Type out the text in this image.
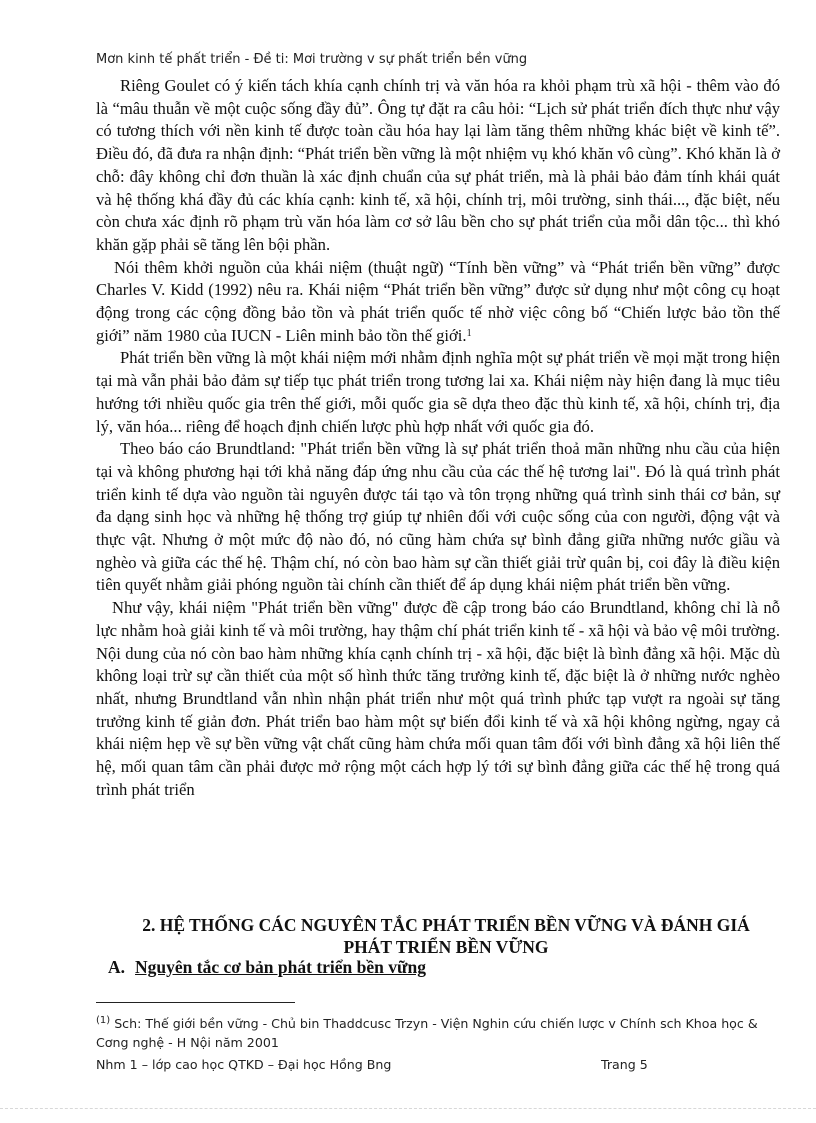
Mơn kinh tế phất triển - Đề ti: Mơi trường v sự phất triển bền vững

Riêng Goulet có ý kiến tách khía cạnh chính trị và văn hóa ra khỏi phạm trù xã hội - thêm vào đó là “mâu thuẫn về một cuộc sống đầy đủ”. Ông tự đặt ra câu hỏi: “Lịch sử phát triển đích thực như vậy có tương thích với nền kinh tế được toàn cầu hóa hay lại làm tăng thêm những khác biệt về kinh tế”. Điều đó, đã đưa ra nhận định: “Phát triển bền vững là một nhiệm vụ khó khăn vô cùng”. Khó khăn là ở chỗ: đây không chỉ đơn thuần là xác định chuẩn của sự phát triển, mà là phải bảo đảm tính khái quát và hệ thống khá đầy đủ các khía cạnh: kinh tế, xã hội, chính trị, môi trường, sinh thái..., đặc biệt, nếu còn chưa xác định rõ phạm trù văn hóa làm cơ sở lâu bền cho sự phát triển của mỗi dân tộc... thì khó khăn gặp phải sẽ tăng lên bội phần.

Nói thêm khởi nguồn của khái niệm (thuật ngữ) “Tính bền vững” và “Phát triển bền vững” được Charles V. Kidd (1992) nêu ra. Khái niệm “Phát triển bền vững” được sử dụng như một công cụ hoạt động trong các cộng đồng bảo tồn và phát triển quốc tế nhờ việc công bố “Chiến lược bảo tồn thế giới” năm 1980 của IUCN - Liên minh bảo tồn thế giới.$^1$

Phát triển bền vững là một khái niệm mới nhằm định nghĩa một sự phát triển về mọi mặt trong hiện tại mà vẫn phải bảo đảm sự tiếp tục phát triển trong tương lai xa. Khái niệm này hiện đang là mục tiêu hướng tới nhiều quốc gia trên thế giới, mỗi quốc gia sẽ dựa theo đặc thù kinh tế, xã hội, chính trị, địa lý, văn hóa... riêng để hoạch định chiến lược phù hợp nhất với quốc gia đó.

Theo báo cáo Brundtland: "Phát triển bền vững là sự phát triển thoả mãn những nhu cầu của hiện tại và không phương hại tới khả năng đáp ứng nhu cầu của các thế hệ tương lai". Đó là quá trình phát triển kinh tế dựa vào nguồn tài nguyên được tái tạo và tôn trọng những quá trình sinh thái cơ bản, sự đa dạng sinh học và những hệ thống trợ giúp tự nhiên đối với cuộc sống của con người, động vật và thực vật. Nhưng ở một mức độ nào đó, nó cũng hàm chứa sự bình đẳng giữa những nước giầu và nghèo và giữa các thế hệ. Thậm chí, nó còn bao hàm sự cần thiết giải trừ quân bị, coi đây là điều kiện tiên quyết nhằm giải phóng nguồn tài chính cần thiết để áp dụng khái niệm phát triển bền vững.

Như vậy, khái niệm "Phát triển bền vững" được đề cập trong báo cáo Brundtland, không chỉ là nỗ lực nhằm hoà giải kinh tế và môi trường, hay thậm chí phát triển kinh tế - xã hội và bảo vệ môi trường. Nội dung của nó còn bao hàm những khía cạnh chính trị - xã hội, đặc biệt là bình đẳng xã hội. Mặc dù không loại trừ sự cần thiết của một số hình thức tăng trưởng kinh tế, đặc biệt là ở những nước nghèo nhất, nhưng Brundtland vẫn nhìn nhận phát triển như một quá trình phức tạp vượt ra ngoài sự tăng trưởng kinh tế giản đơn. Phát triển bao hàm một sự biến đổi kinh tế và xã hội không ngừng, ngay cả khái niệm hẹp về sự bền vững vật chất cũng hàm chứa mối quan tâm đối với bình đẳng xã hội liên thế hệ, mối quan tâm cần phải được mở rộng một cách hợp lý tới sự bình đẳng giữa các thế hệ trong quá trình phát triển

2. HỆ THỐNG CÁC NGUYÊN TẮC PHÁT TRIỂN BỀN VỮNG VÀ ĐÁNH GIÁ
PHÁT TRIỂN BỀN VỮNG
A. Nguyên tắc cơ bản phát triển bền vững
$^{(1)}$ Sch: Thế giới bền vững - Chủ bin Thaddcusc Trzyn - Viện Nghin cứu chiến lược v Chính sch Khoa học & Cơng nghệ - H Nội năm 2001
Nhm 1 – lớp cao học QTKD – Đại học Hồng Bng	Trang 5
